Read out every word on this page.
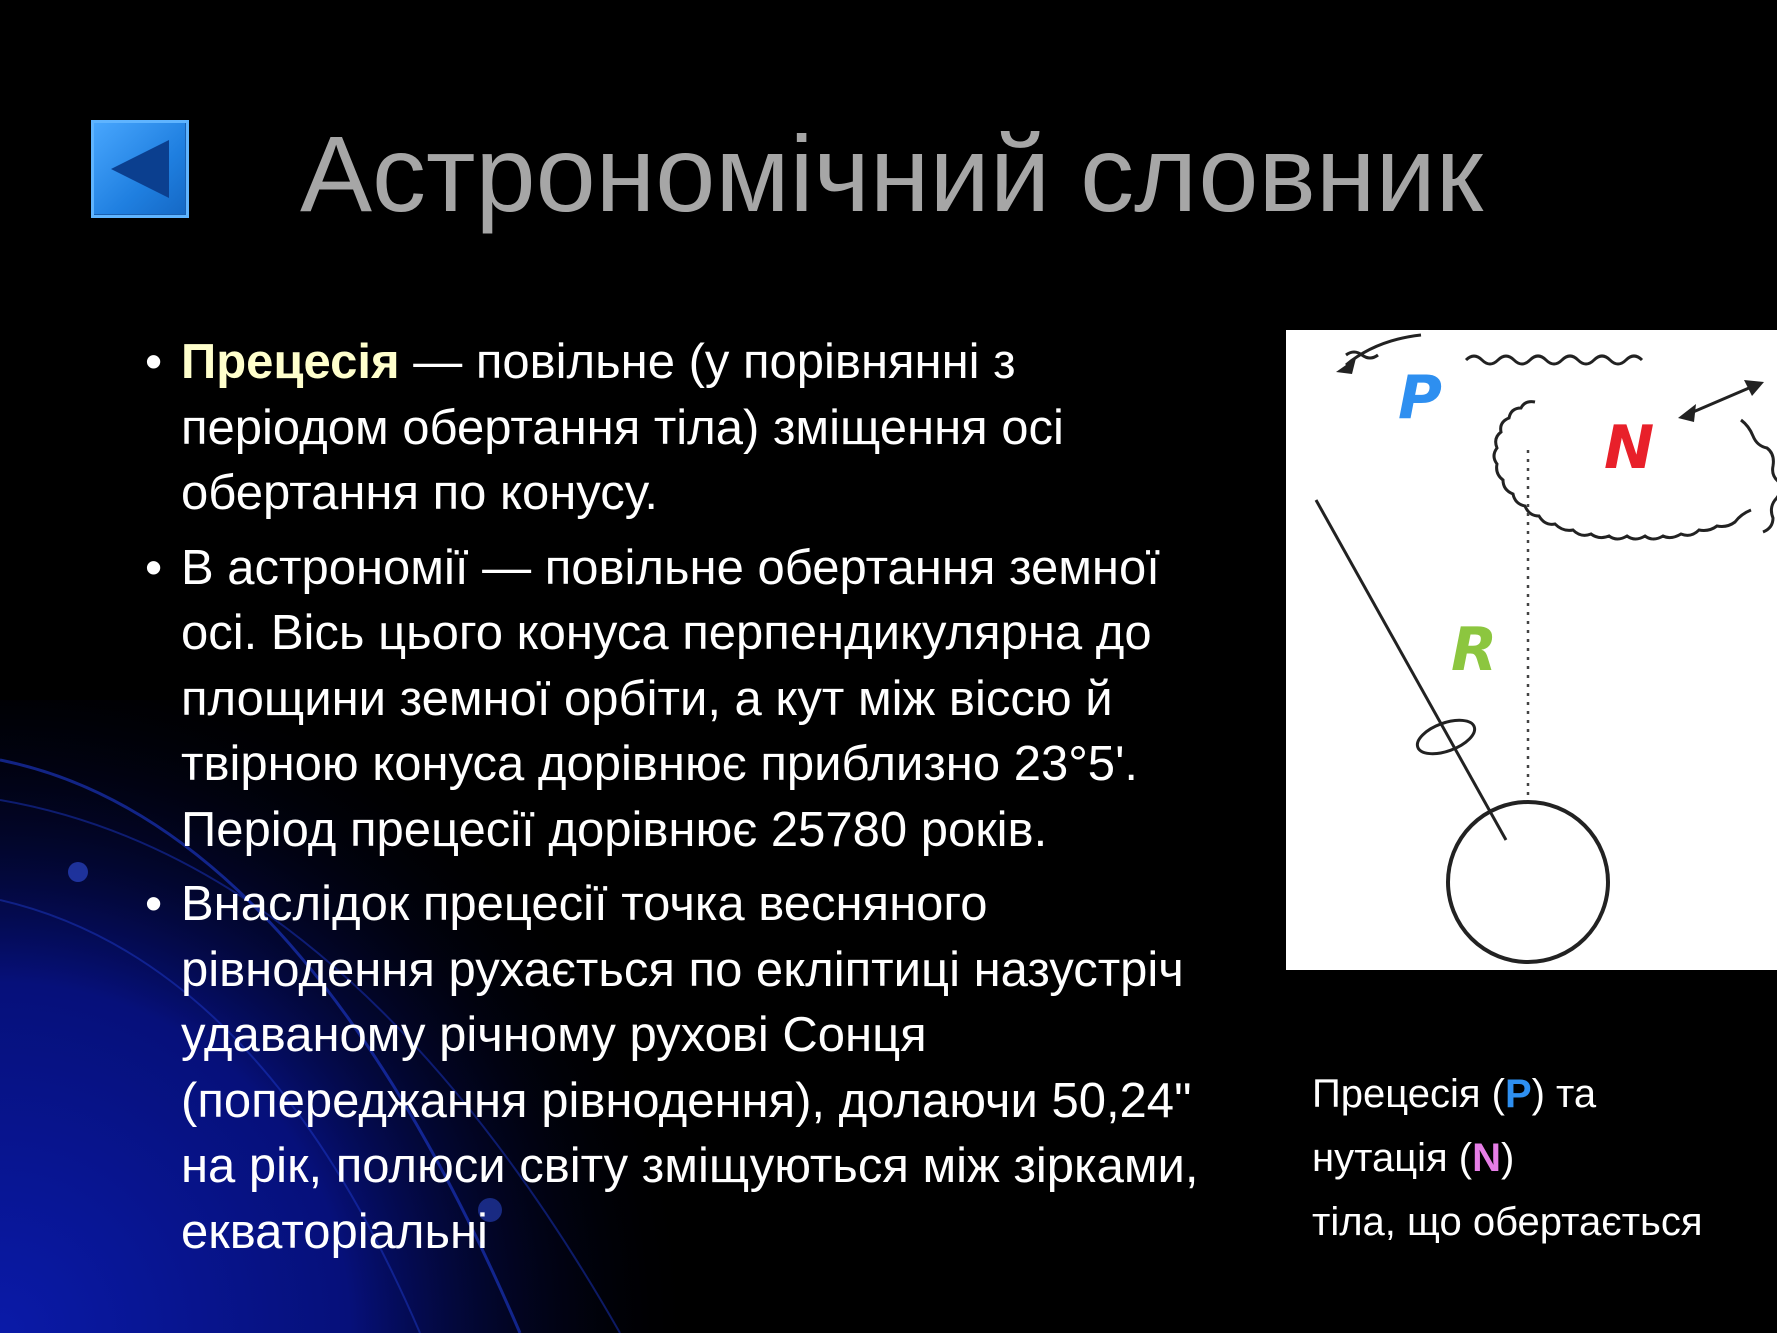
Астрономічний словник
• Прецесія — повільне (у порівнянні з періодом обертання тіла) зміщення осі обертання по конусу.
• В астрономії — повільне обертання земної осі. Вісь цього конуса перпендикулярна до площини земної орбіти, а кут між віссю й твірною конуса дорівнює приблизно 23°5'. Період прецесії дорівнює 25780 років.
• Внаслідок прецесії точка весняного рівнодення рухається по екліптиці назустріч удаваному річному рухові Сонця (попереджання рівнодення), долаючи 50,24" на рік, полюси світу зміщуються між зірками, екваторіальні
P
N
R
Прецесія (P) та
нутація (N)
тіла, що обертається
